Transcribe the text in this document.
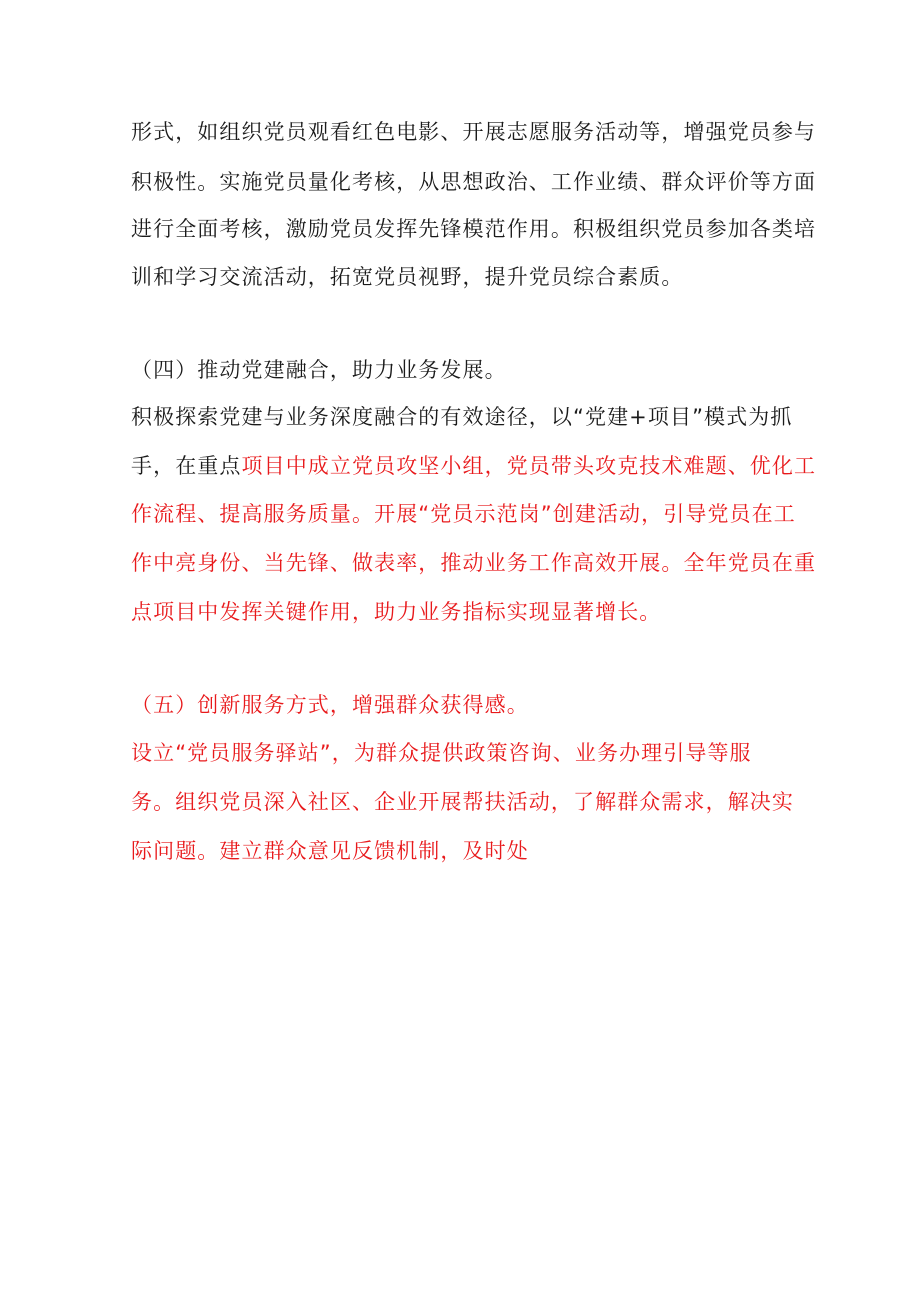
形式，如组织党员观看红色电影、开展志愿服务活动等，增强党员参与
积极性。实施党员量化考核，从思想政治、工作业绩、群众评价等方面
进行全面考核，激励党员发挥先锋模范作用。积极组织党员参加各类培
训和学习交流活动，拓宽党员视野，提升党员综合素质。
（四）推动党建融合，助力业务发展。
积极探索党建与业务深度融合的有效途径，以“党建+项目”模式为抓
手，在重点项目中成立党员攻坚小组，党员带头攻克技术难题、优化工
作流程、提高服务质量。开展“党员示范岗”创建活动，引导党员在工
作中亮身份、当先锋、做表率，推动业务工作高效开展。全年党员在重
点项目中发挥关键作用，助力业务指标实现显著增长。
（五）创新服务方式，增强群众获得感。
设立“党员服务驿站”，为群众提供政策咨询、业务办理引导等服
务。组织党员深入社区、企业开展帮扶活动，了解群众需求，解决实
际问题。建立群众意见反馈机制，及时处
